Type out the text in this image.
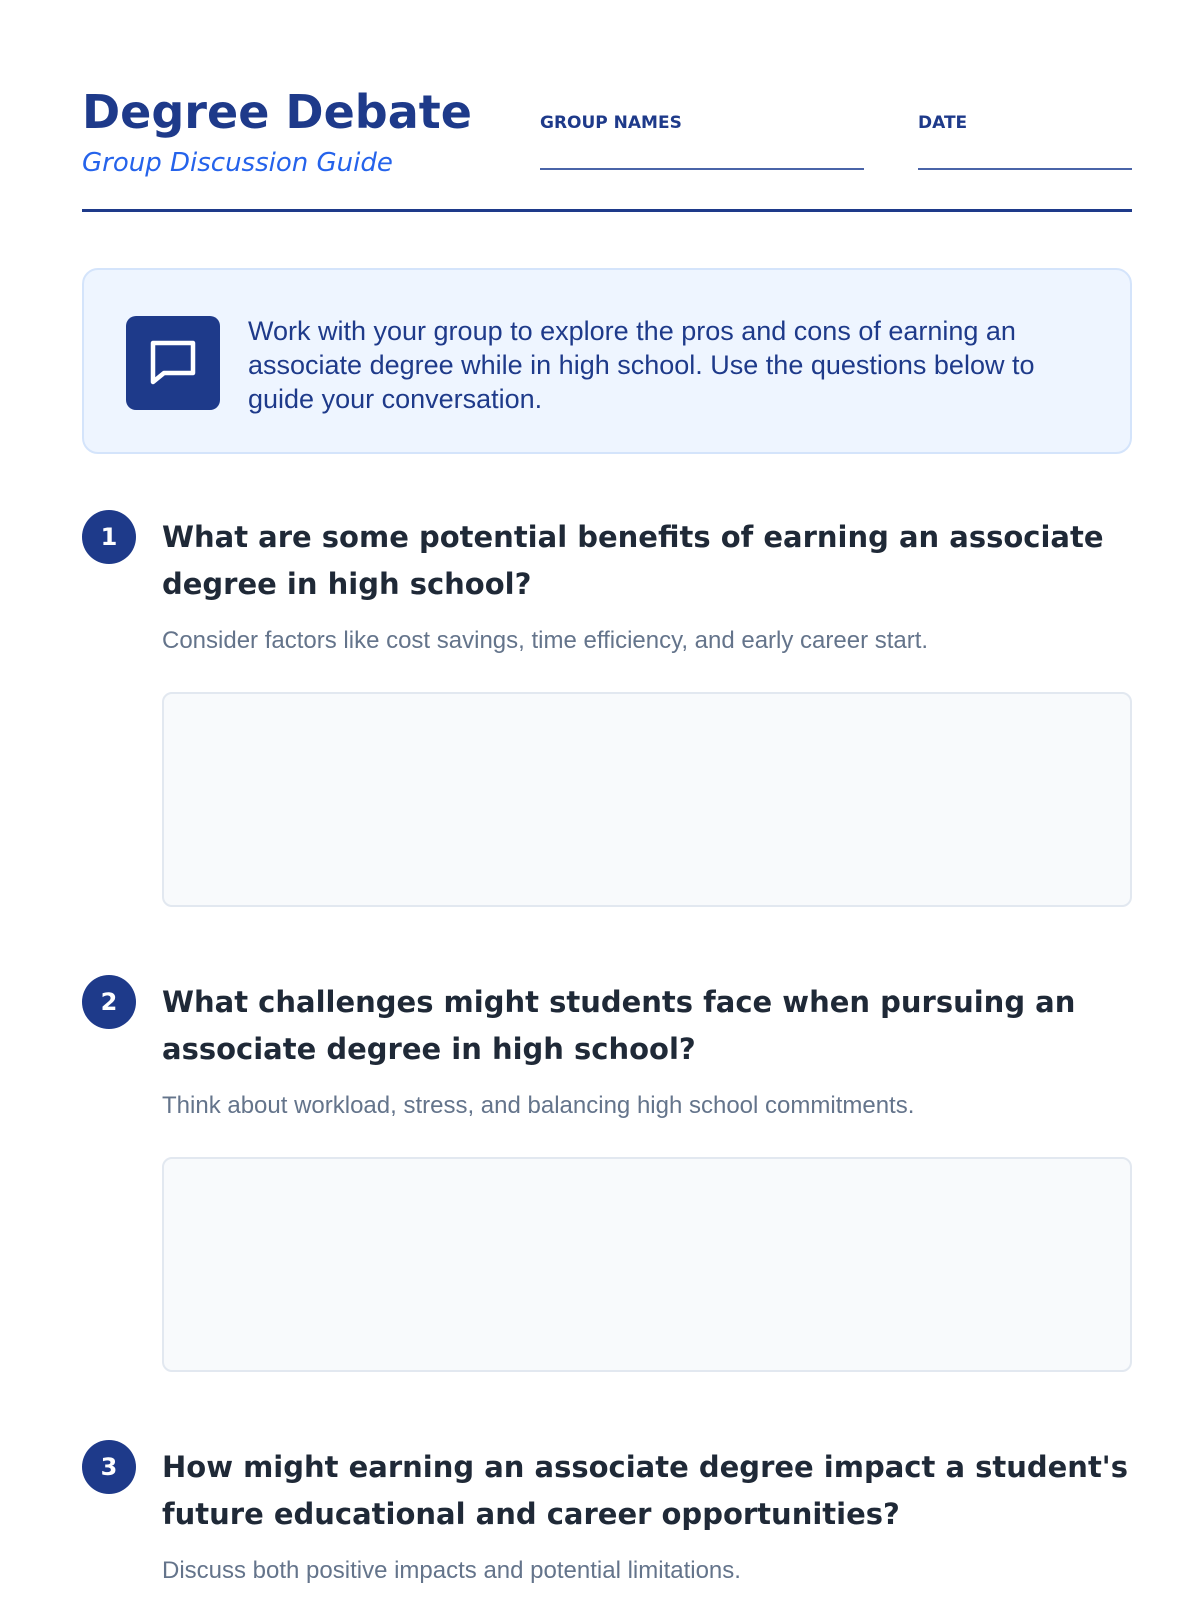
Degree Debate
Group Discussion Guide
GROUP NAMES	DATE
Work with your group to explore the pros and cons of earning an associate degree while in high school. Use the questions below to guide your conversation.
1	What are some potential benefits of earning an associate degree in high school?
Consider factors like cost savings, time efficiency, and early career start.
2	What challenges might students face when pursuing an associate degree in high school?
Think about workload, stress, and balancing high school commitments.
3	How might earning an associate degree impact a student's future educational and career opportunities?
Discuss both positive impacts and potential limitations.
